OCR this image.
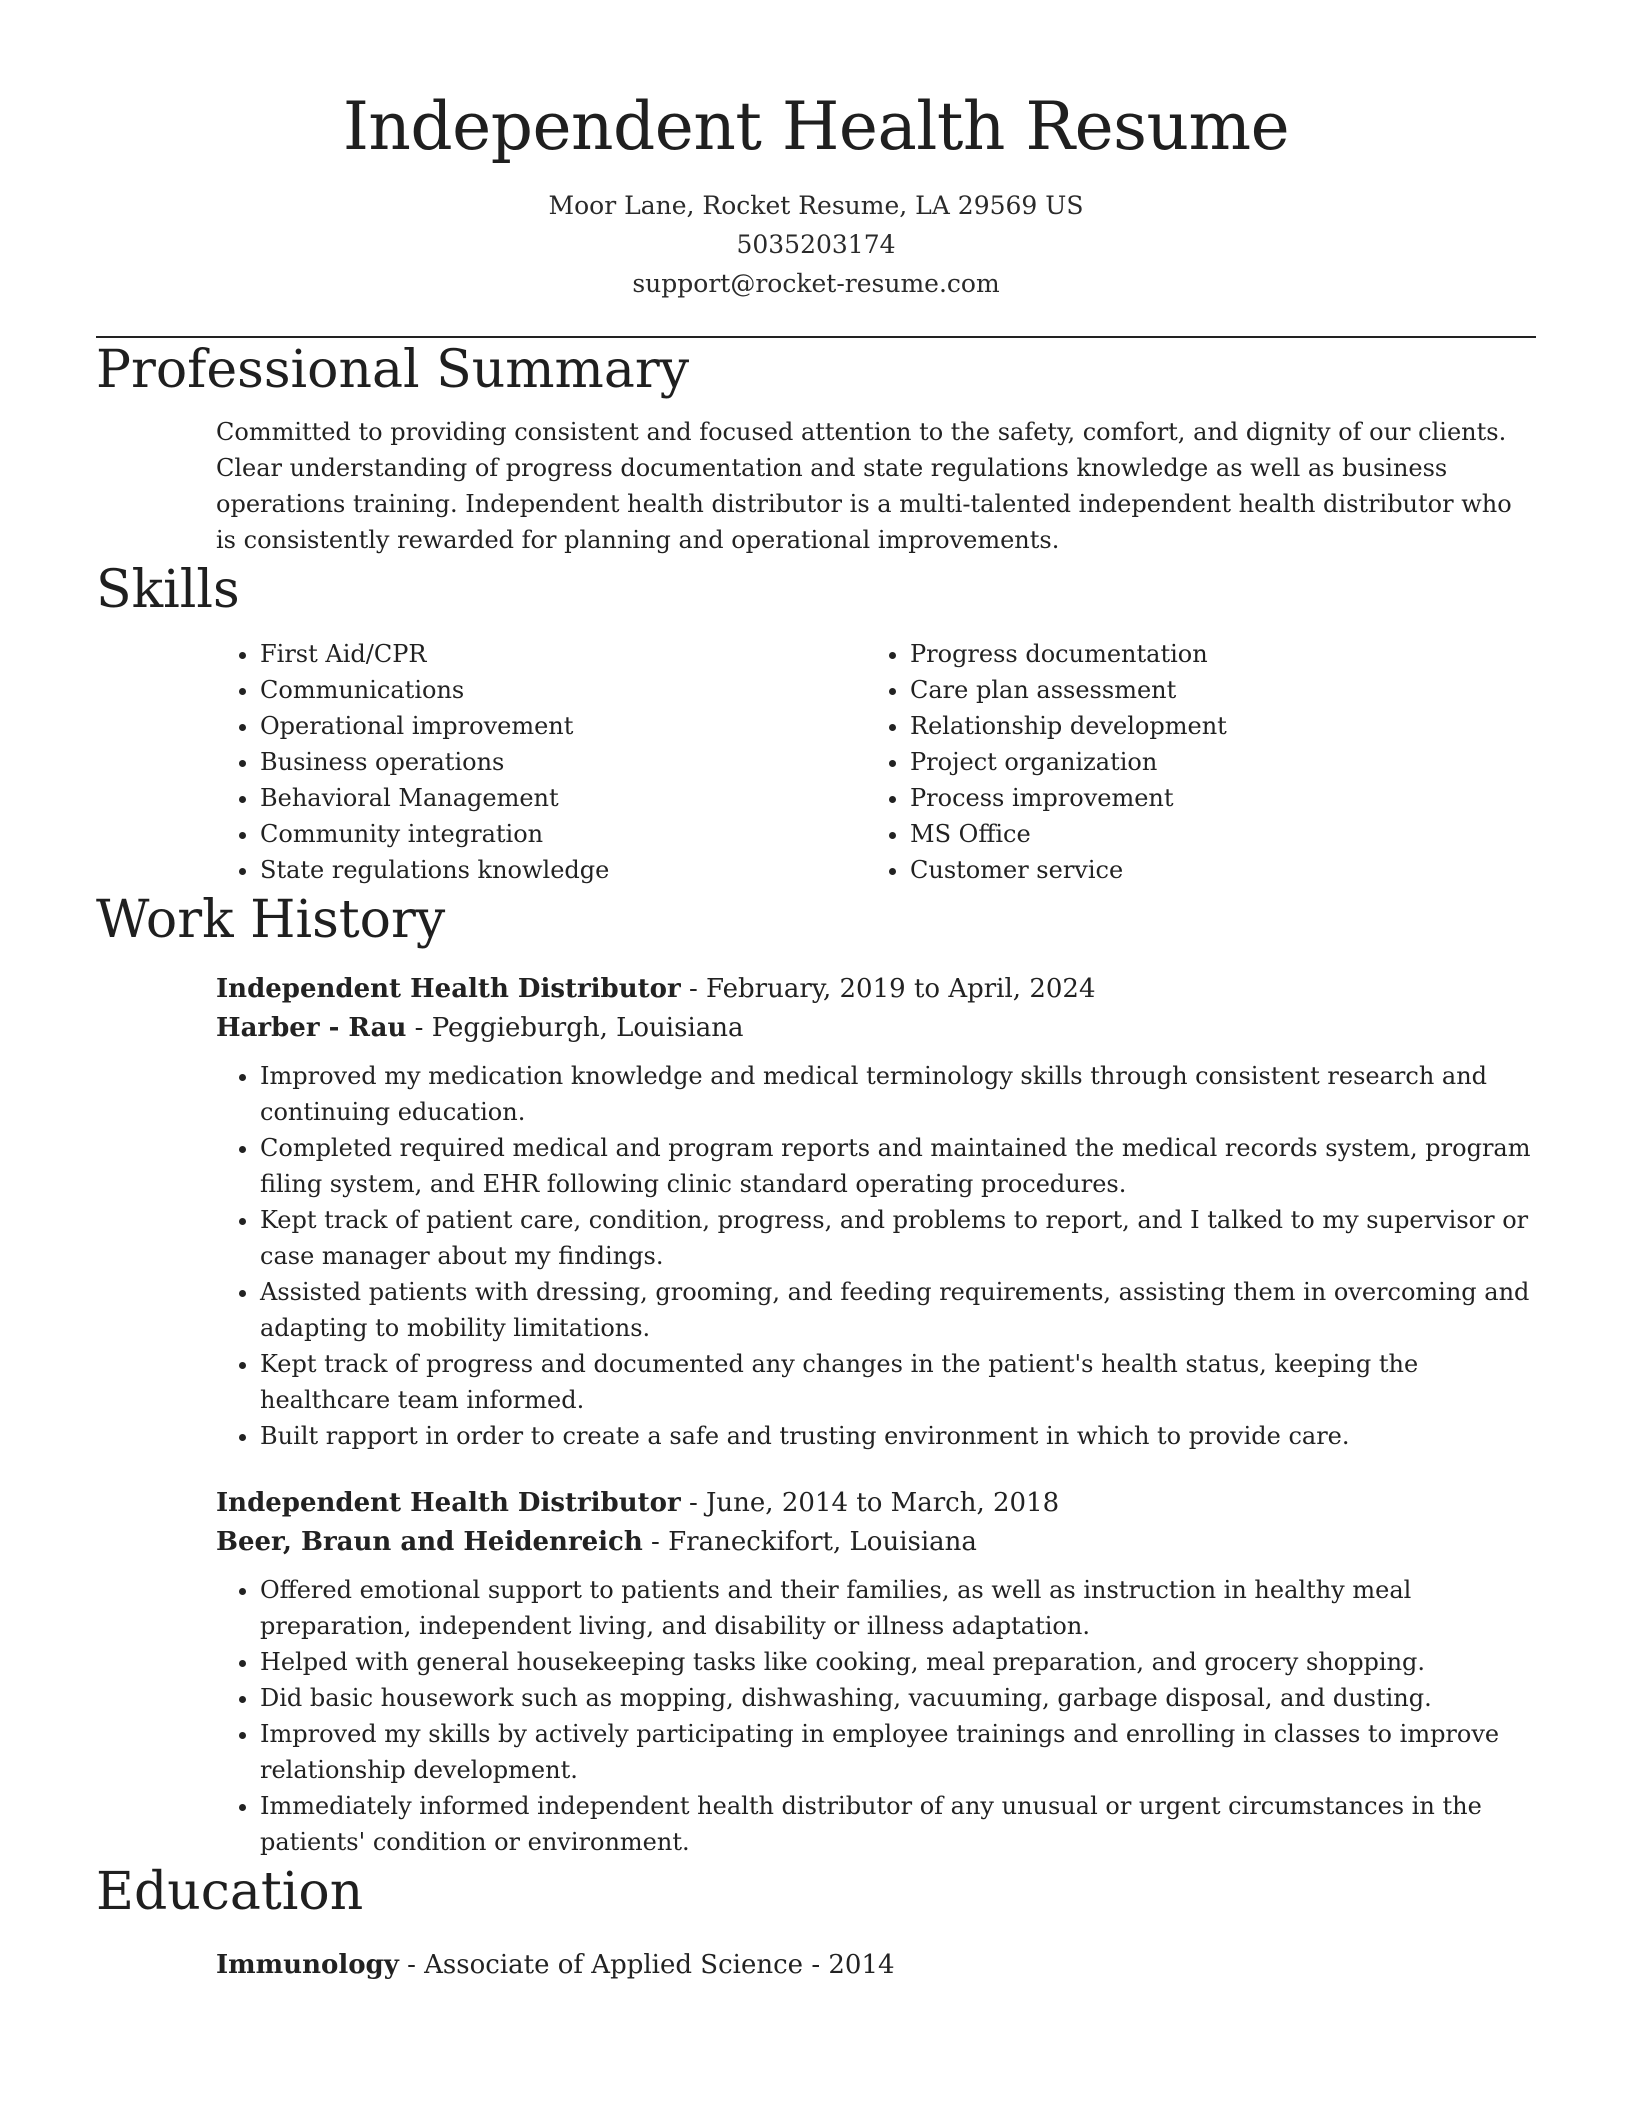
Independent Health Resume
Moor Lane, Rocket Resume, LA 29569 US
5035203174
support@rocket-resume.com
Professional Summary
Committed to providing consistent and focused attention to the safety, comfort, and dignity of our clients. Clear understanding of progress documentation and state regulations knowledge as well as business operations training. Independent health distributor is a multi-talented independent health distributor who is consistently rewarded for planning and operational improvements.
Skills
• First Aid/CPR
• Communications
• Operational improvement
• Business operations
• Behavioral Management
• Community integration
• State regulations knowledge
• Progress documentation
• Care plan assessment
• Relationship development
• Project organization
• Process improvement
• MS Office
• Customer service
Work History
Independent Health Distributor - February, 2019 to April, 2024
Harber - Rau - Peggieburgh, Louisiana
• Improved my medication knowledge and medical terminology skills through consistent research and continuing education.
• Completed required medical and program reports and maintained the medical records system, program filing system, and EHR following clinic standard operating procedures.
• Kept track of patient care, condition, progress, and problems to report, and I talked to my supervisor or case manager about my findings.
• Assisted patients with dressing, grooming, and feeding requirements, assisting them in overcoming and adapting to mobility limitations.
• Kept track of progress and documented any changes in the patient's health status, keeping the healthcare team informed.
• Built rapport in order to create a safe and trusting environment in which to provide care.
Independent Health Distributor - June, 2014 to March, 2018
Beer, Braun and Heidenreich - Franeckifort, Louisiana
• Offered emotional support to patients and their families, as well as instruction in healthy meal preparation, independent living, and disability or illness adaptation.
• Helped with general housekeeping tasks like cooking, meal preparation, and grocery shopping.
• Did basic housework such as mopping, dishwashing, vacuuming, garbage disposal, and dusting.
• Improved my skills by actively participating in employee trainings and enrolling in classes to improve relationship development.
• Immediately informed independent health distributor of any unusual or urgent circumstances in the patients' condition or environment.
Education
Immunology - Associate of Applied Science - 2014
